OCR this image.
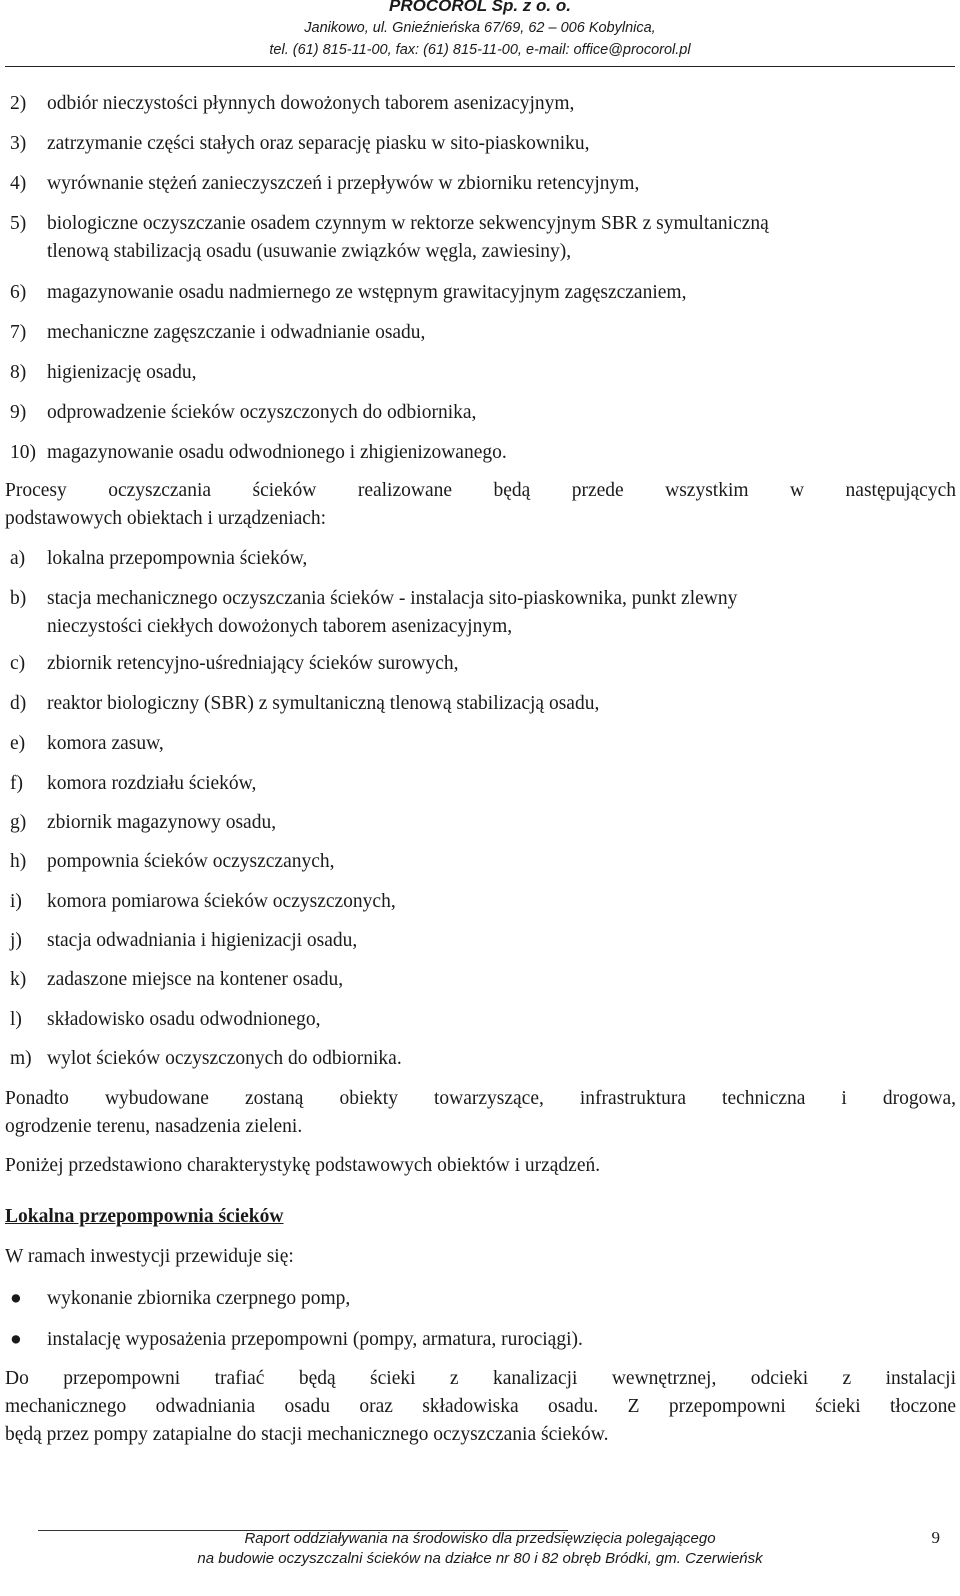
PROCOROL Sp. z o. o.
Janikowo, ul. Gnieźnieńska 67/69, 62 – 006 Kobylnica,
tel. (61) 815-11-00, fax: (61) 815-11-00, e-mail: office@procorol.pl
2) odbiór nieczystości płynnych dowożonych taborem asenizacyjnym,
3) zatrzymanie części stałych oraz separację piasku w sito-piaskowniku,
4) wyrównanie stężeń zanieczyszczeń i przepływów w zbiorniku retencyjnym,
5) biologiczne oczyszczanie osadem czynnym w rektorze sekwencyjnym SBR z symultaniczną
tlenową stabilizacją osadu (usuwanie związków węgla, zawiesiny),
6) magazynowanie osadu nadmiernego ze wstępnym grawitacyjnym zagęszczaniem,
7) mechaniczne zagęszczanie i odwadnianie osadu,
8) higienizację osadu,
9) odprowadzenie ścieków oczyszczonych do odbiornika,
10) magazynowanie osadu odwodnionego i zhigienizowanego.
Procesy oczyszczania ścieków realizowane będą przede wszystkim w następujących
podstawowych obiektach i urządzeniach:
a) lokalna przepompownia ścieków,
b) stacja mechanicznego oczyszczania ścieków - instalacja sito-piaskownika, punkt zlewny
nieczystości ciekłych dowożonych taborem asenizacyjnym,
c) zbiornik retencyjno-uśredniający ścieków surowych,
d) reaktor biologiczny (SBR) z symultaniczną tlenową stabilizacją osadu,
e) komora zasuw,
f) komora rozdziału ścieków,
g) zbiornik magazynowy osadu,
h) pompownia ścieków oczyszczanych,
i) komora pomiarowa ścieków oczyszczonych,
j) stacja odwadniania i higienizacji osadu,
k) zadaszone miejsce na kontener osadu,
l) składowisko osadu odwodnionego,
m) wylot ścieków oczyszczonych do odbiornika.
Ponadto wybudowane zostaną obiekty towarzyszące, infrastruktura techniczna i drogowa,
ogrodzenie terenu, nasadzenia zieleni.
Poniżej przedstawiono charakterystykę podstawowych obiektów i urządzeń.
Lokalna przepompownia ścieków
W ramach inwestycji przewiduje się:
● wykonanie zbiornika czerpnego pomp,
● instalację wyposażenia przepompowni (pompy, armatura, rurociągi).
Do przepompowni trafiać będą ścieki z kanalizacji wewnętrznej, odcieki z instalacji
mechanicznego odwadniania osadu oraz składowiska osadu. Z przepompowni ścieki tłoczone
będą przez pompy zatapialne do stacji mechanicznego oczyszczania ścieków.
Raport oddziaływania na środowisko dla przedsięwzięcia polegającego
na budowie oczyszczalni ścieków na działce nr 80 i 82 obręb Bródki, gm. Czerwieńsk
9
